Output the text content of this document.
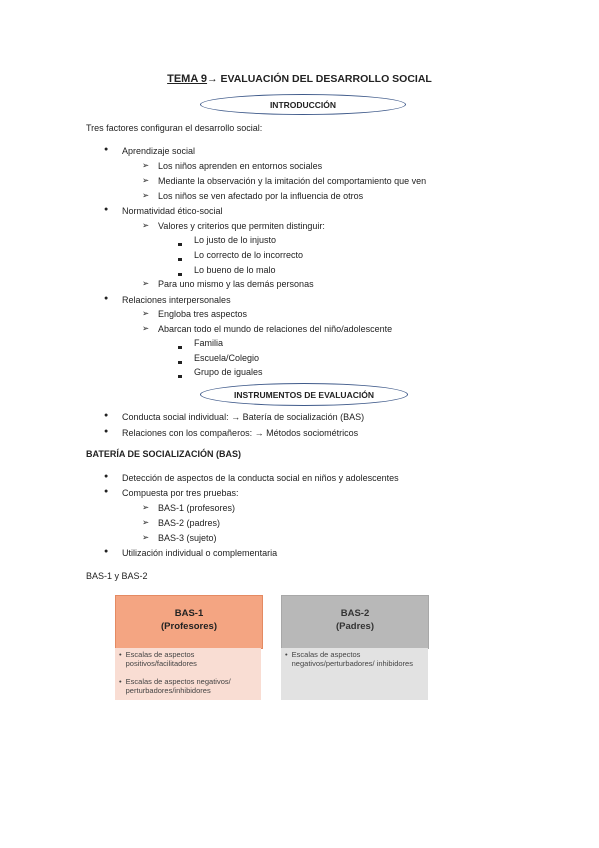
TEMA 9→ EVALUACIÓN DEL DESARROLLO SOCIAL
INTRODUCCIÓN
Tres factores configuran el desarrollo social:
● Aprendizaje social
➢ Los niños aprenden en entornos sociales
➢ Mediante la observación y la imitación del comportamiento que ven
➢ Los niños se ven afectado por la influencia de otros
● Normatividad ético-social
➢ Valores y criterios que permiten distinguir:
Lo justo de lo injusto
Lo correcto de lo incorrecto
Lo bueno de lo malo
➢ Para uno mismo y las demás personas
● Relaciones interpersonales
➢ Engloba tres aspectos
➢ Abarcan todo el mundo de relaciones del niño/adolescente
Familia
Escuela/Colegio
Grupo de iguales
INSTRUMENTOS DE EVALUACIÓN
● Conducta social individual: → Batería de socialización (BAS)
● Relaciones con los compañeros: → Métodos sociométricos
BATERÍA DE SOCIALIZACIÓN (BAS)
● Detección de aspectos de la conducta social en niños y adolescentes
● Compuesta por tres pruebas:
➢ BAS-1 (profesores)
➢ BAS-2 (padres)
➢ BAS-3 (sujeto)
● Utilización individual o complementaria
BAS-1 y BAS-2
BAS-1
(Profesores)
• Escalas de aspectos positivos/facilitadores
• Escalas de aspectos negativos/ perturbadores/inhibidores
BAS-2
(Padres)
• Escalas de aspectos negativos/perturbadores/ inhibidores
